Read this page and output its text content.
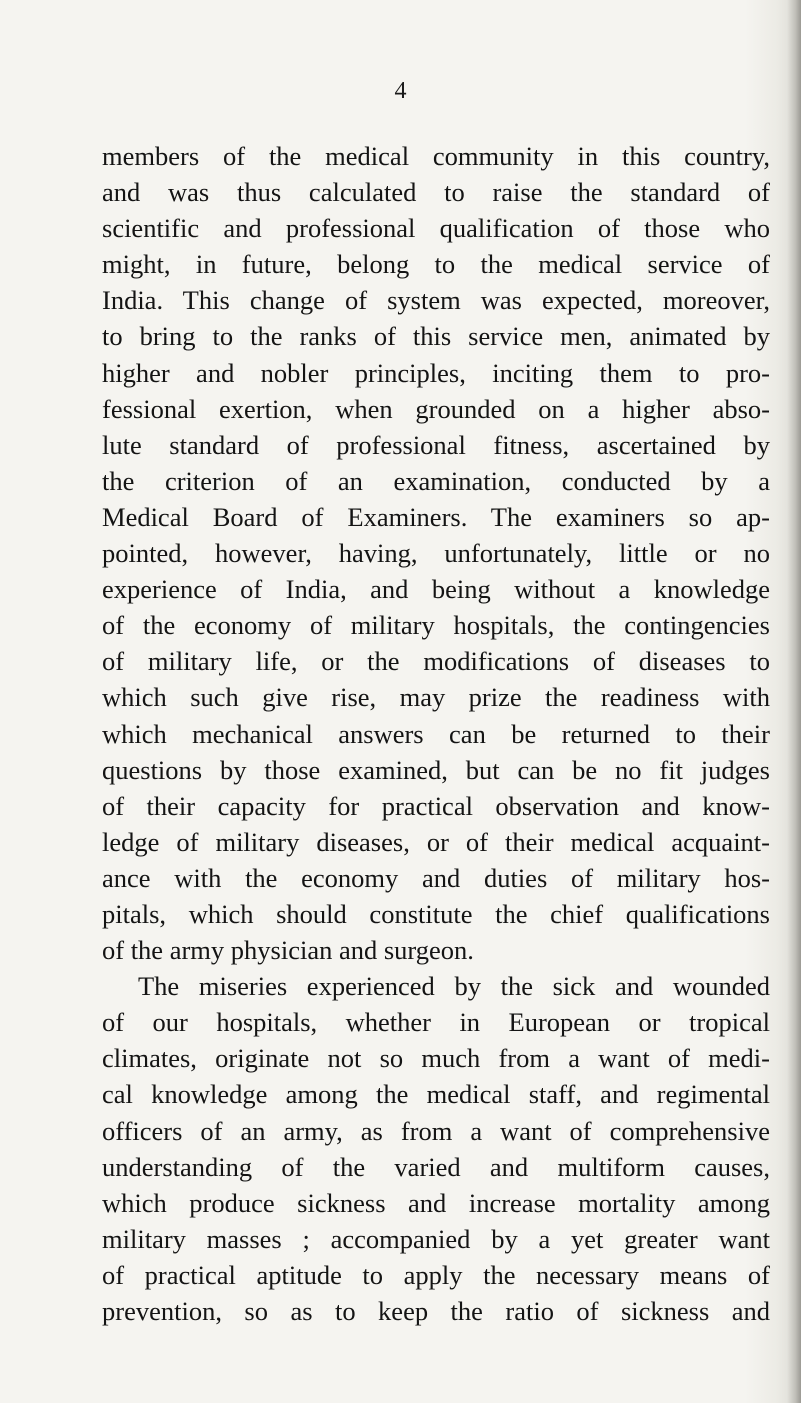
4
members of the medical community in this country,
and was thus calculated to raise the standard of
scientific and professional qualification of those who
might, in future, belong to the medical service of
India. This change of system was expected, moreover,
to bring to the ranks of this service men, animated by
higher and nobler principles, inciting them to pro-
fessional exertion, when grounded on a higher abso-
lute standard of professional fitness, ascertained by
the criterion of an examination, conducted by a
Medical Board of Examiners. The examiners so ap-
pointed, however, having, unfortunately, little or no
experience of India, and being without a knowledge
of the economy of military hospitals, the contingencies
of military life, or the modifications of diseases to
which such give rise, may prize the readiness with
which mechanical answers can be returned to their
questions by those examined, but can be no fit judges
of their capacity for practical observation and know-
ledge of military diseases, or of their medical acquaint-
ance with the economy and duties of military hos-
pitals, which should constitute the chief qualifications
of the army physician and surgeon.
The miseries experienced by the sick and wounded
of our hospitals, whether in European or tropical
climates, originate not so much from a want of medi-
cal knowledge among the medical staff, and regimental
officers of an army, as from a want of comprehensive
understanding of the varied and multiform causes,
which produce sickness and increase mortality among
military masses ; accompanied by a yet greater want
of practical aptitude to apply the necessary means of
prevention, so as to keep the ratio of sickness and
